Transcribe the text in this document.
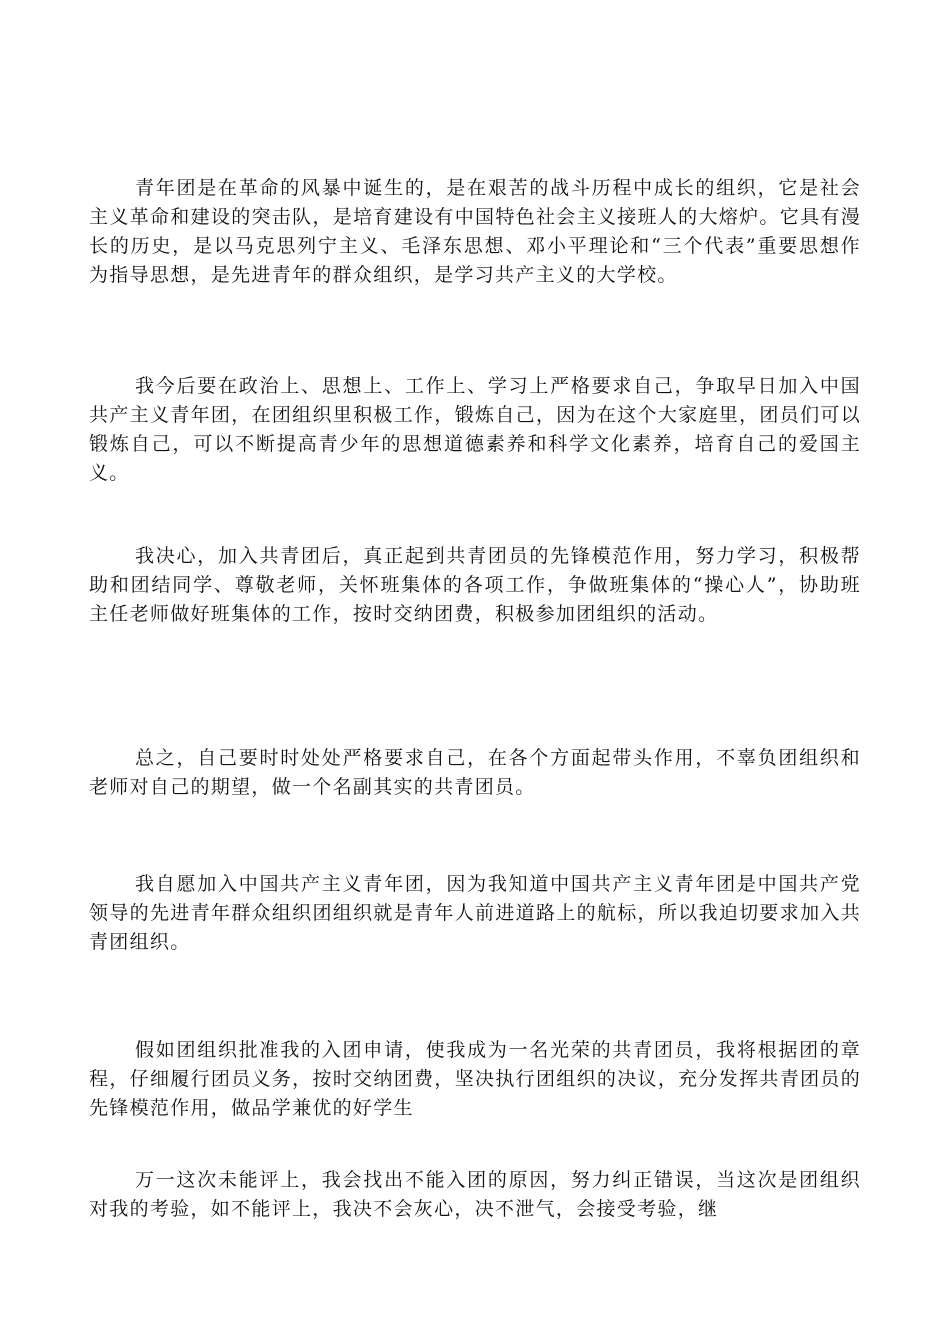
青年团是在革命的风暴中诞生的，是在艰苦的战斗历程中成长的组织，它是社会主义革命和建设的突击队，是培育建设有中国特色社会主义接班人的大熔炉。它具有漫长的历史，是以马克思列宁主义、毛泽东思想、邓小平理论和“三个代表”重要思想作为指导思想，是先进青年的群众组织，是学习共产主义的大学校。

我今后要在政治上、思想上、工作上、学习上严格要求自己，争取早日加入中国共产主义青年团，在团组织里积极工作，锻炼自己，因为在这个大家庭里，团员们可以锻炼自己，可以不断提高青少年的思想道德素养和科学文化素养，培育自己的爱国主义。

我决心，加入共青团后，真正起到共青团员的先锋模范作用，努力学习，积极帮助和团结同学、尊敬老师，关怀班集体的各项工作，争做班集体的“操心人”，协助班主任老师做好班集体的工作，按时交纳团费，积极参加团组织的活动。

总之，自己要时时处处严格要求自己，在各个方面起带头作用，不辜负团组织和老师对自己的期望，做一个名副其实的共青团员。

我自愿加入中国共产主义青年团，因为我知道中国共产主义青年团是中国共产党领导的先进青年群众组织团组织就是青年人前进道路上的航标，所以我迫切要求加入共青团组织。

假如团组织批准我的入团申请，使我成为一名光荣的共青团员，我将根据团的章程，仔细履行团员义务，按时交纳团费，坚决执行团组织的决议，充分发挥共青团员的先锋模范作用，做品学兼优的好学生

万一这次未能评上，我会找出不能入团的原因，努力纠正错误，当这次是团组织对我的考验，如不能评上，我决不会灰心，决不泄气，会接受考验，继
